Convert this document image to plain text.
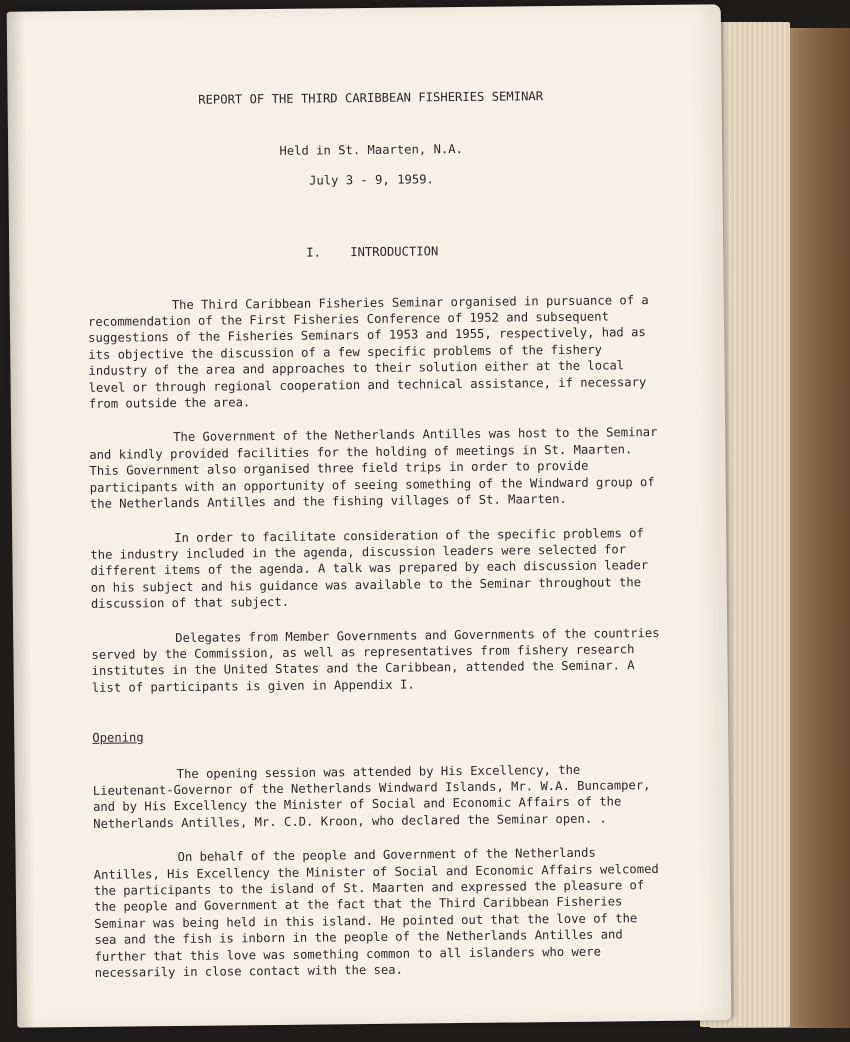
REPORT OF THE THIRD CARIBBEAN FISHERIES SEMINAR
Held in St. Maarten, N.A.
July 3 - 9, 1959.
I.    INTRODUCTION

The Third Caribbean Fisheries Seminar organised in pursuance of a recommendation of the First Fisheries Conference of 1952 and subsequent suggestions of the Fisheries Seminars of 1953 and 1955, respectively, had as its objective the discussion of a few specific problems of the fishery industry of the area and approaches to their solution either at the local level or through regional cooperation and technical assistance, if necessary from outside the area.

The Government of the Netherlands Antilles was host to the Seminar and kindly provided facilities for the holding of meetings in St. Maarten. This Government also organised three field trips in order to provide participants with an opportunity of seeing something of the Windward group of the Netherlands Antilles and the fishing villages of St. Maarten.

In order to facilitate consideration of the specific problems of the industry included in the agenda, discussion leaders were selected for different items of the agenda. A talk was prepared by each discussion leader on his subject and his guidance was available to the Seminar throughout the discussion of that subject.

Delegates from Member Governments and Governments of the countries served by the Commission, as well as representatives from fishery research institutes in the United States and the Caribbean, attended the Seminar. A list of participants is given in Appendix I.

Opening

The opening session was attended by His Excellency, the Lieutenant-Governor of the Netherlands Windward Islands, Mr. W.A. Buncamper, and by His Excellency the Minister of Social and Economic Affairs of the Netherlands Antilles, Mr. C.D. Kroon, who declared the Seminar open. .

On behalf of the people and Government of the Netherlands Antilles, His Excellency the Minister of Social and Economic Affairs welcomed the participants to the island of St. Maarten and expressed the pleasure of the people and Government at the fact that the Third Caribbean Fisheries Seminar was being held in this island. He pointed out that the love of the sea and the fish is inborn in the people of the Netherlands Antilles and further that this love was something common to all islanders who were necessarily in close contact with the sea.
